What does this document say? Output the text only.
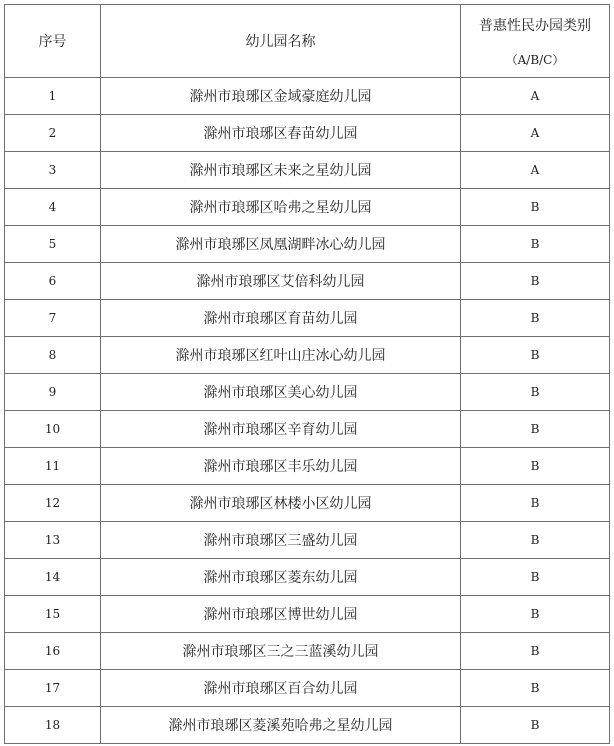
序号	幼儿园名称	普惠性民办园类别
（A/B/C）

1	滁州市琅琊区金域豪庭幼儿园	A
2	滁州市琅琊区春苗幼儿园	A
3	滁州市琅琊区未来之星幼儿园	A
4	滁州市琅琊区哈弗之星幼儿园	B
5	滁州市琅琊区凤凰湖畔冰心幼儿园	B
6	滁州市琅琊区艾倍科幼儿园	B
7	滁州市琅琊区育苗幼儿园	B
8	滁州市琅琊区红叶山庄冰心幼儿园	B
9	滁州市琅琊区美心幼儿园	B
10	滁州市琅琊区辛育幼儿园	B
11	滁州市琅琊区丰乐幼儿园	B
12	滁州市琅琊区林楼小区幼儿园	B
13	滁州市琅琊区三盛幼儿园	B
14	滁州市琅琊区菱东幼儿园	B
15	滁州市琅琊区博世幼儿园	B
16	滁州市琅琊区三之三蓝溪幼儿园	B
17	滁州市琅琊区百合幼儿园	B
18	滁州市琅琊区菱溪苑哈弗之星幼儿园	B
